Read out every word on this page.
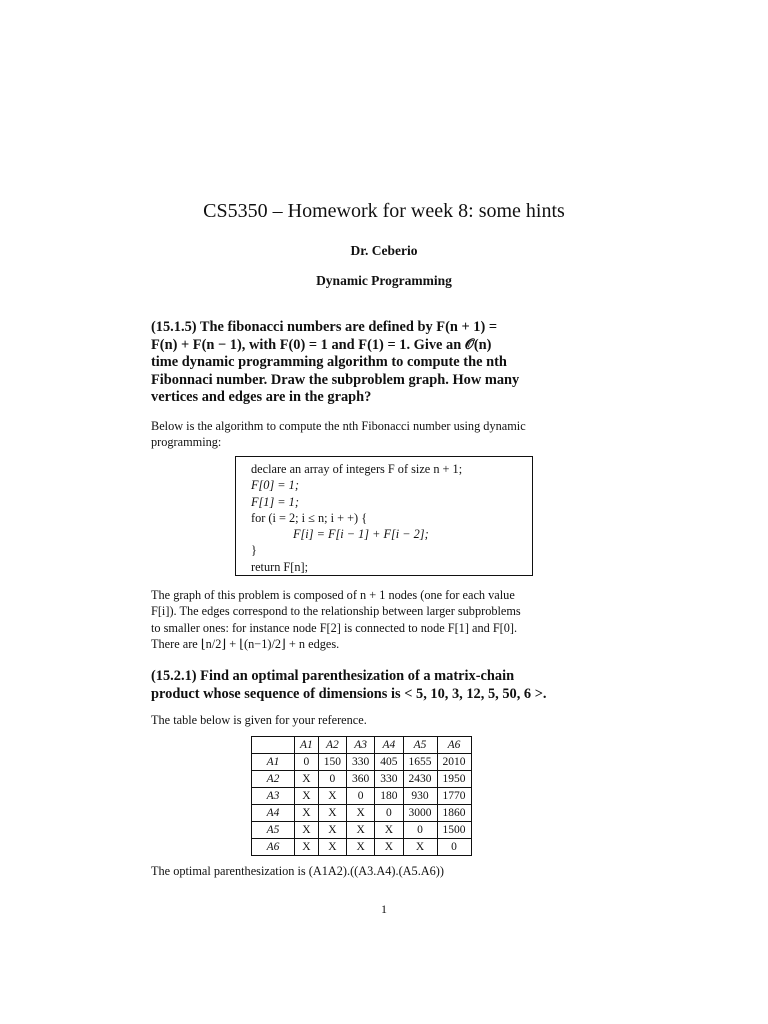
CS5350 – Homework for week 8: some hints
Dr. Ceberio
Dynamic Programming
(15.1.5) The fibonacci numbers are defined by F(n + 1) =
F(n) + F(n − 1), with F(0) = 1 and F(1) = 1. Give an 𝒪(n)
time dynamic programming algorithm to compute the nth
Fibonnaci number. Draw the subproblem graph. How many
vertices and edges are in the graph?
Below is the algorithm to compute the nth Fibonacci number using dynamic
programming:
declare an array of integers F of size n + 1;
F[0] = 1;
F[1] = 1;
for (i = 2; i ≤ n; i + +) {
F[i] = F[i − 1] + F[i − 2];
}
return F[n];
The graph of this problem is composed of n + 1 nodes (one for each value
F[i]). The edges correspond to the relationship between larger subproblems
to smaller ones: for instance node F[2] is connected to node F[1] and F[0].
There are ⌊n/2⌋ + ⌊(n−1)/2⌋ + n edges.
(15.2.1) Find an optimal parenthesization of a matrix-chain
product whose sequence of dimensions is < 5, 10, 3, 12, 5, 50, 6 >.
The table below is given for your reference.
	A1	A2	A3	A4	A5	A6
A1	0	150	330	405	1655	2010
A2	X	0	360	330	2430	1950
A3	X	X	0	180	930	1770
A4	X	X	X	0	3000	1860
A5	X	X	X	X	0	1500
A6	X	X	X	X	X	0
The optimal parenthesization is (A1A2).((A3.A4).(A5.A6))
1
